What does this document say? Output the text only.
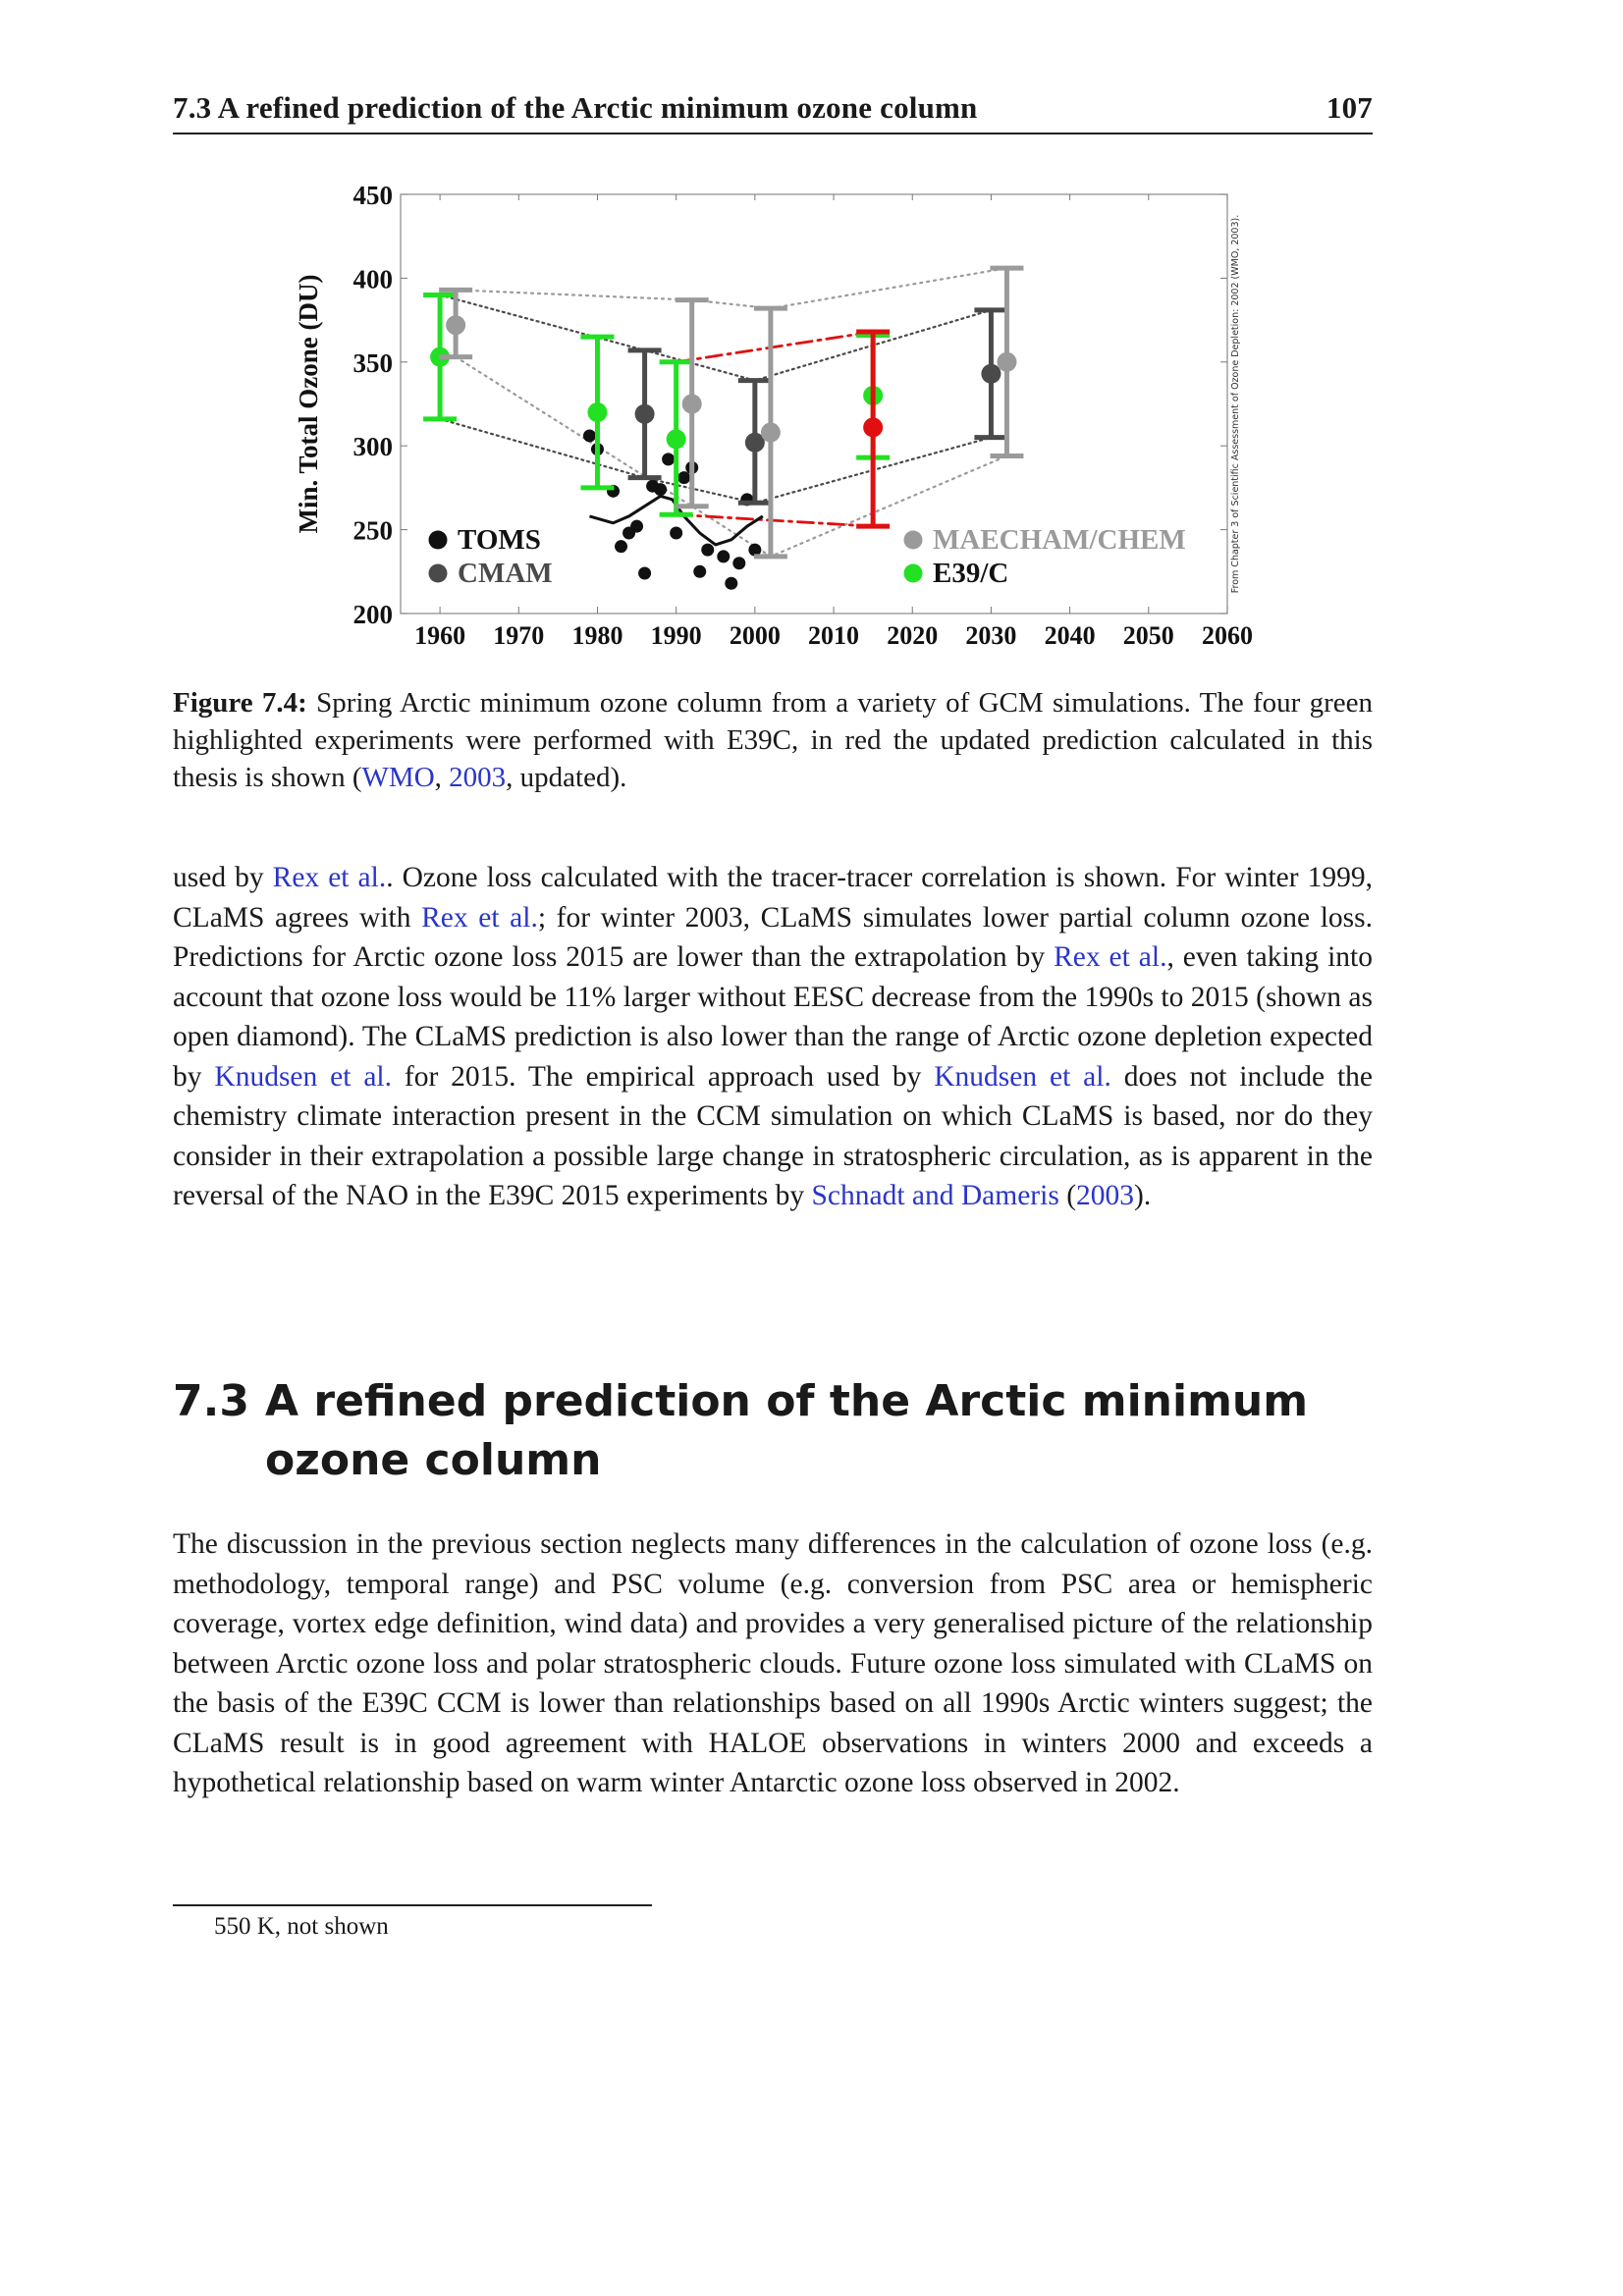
7.3 A refined prediction of the Arctic minimum ozone column	107
1960 1970 1980 1990 2000 2010 2020 2030 2040 2050 2060
200
250
300
350
400
450
Min. Total Ozone (DU)	From Chapter 3 of Scientific Assessment of Ozone Depletion: 2002 (WMO, 2003).
TOMS
CMAM
MAECHAM/CHEM
E39/C
Figure 7.4: Spring Arctic minimum ozone column from a variety of GCM simulations. The four green highlighted experiments were performed with E39C, in red the updated prediction calculated in this thesis is shown (WMO, 2003, updated).
used by Rex et al.. Ozone loss calculated with the tracer-tracer correlation is shown. For winter 1999, CLaMS agrees with Rex et al.; for winter 2003, CLaMS simulates lower partial column ozone loss. Predictions for Arctic ozone loss 2015 are lower than the extrapolation by Rex et al., even taking into account that ozone loss would be 11% larger without EESC decrease from the 1990s to 2015 (shown as open diamond). The CLaMS prediction is also lower than the range of Arctic ozone depletion expected by Knudsen et al. for 2015. The empirical approach used by Knudsen et al. does not include the chemistry climate interaction present in the CCM simulation on which CLaMS is based, nor do they consider in their extrapolation a possible large change in stratospheric circulation, as is apparent in the reversal of the NAO in the E39C 2015 experiments by Schnadt and Dameris (2003).
7.3 A refined prediction of the Arctic minimum ozone column
The discussion in the previous section neglects many differences in the calculation of ozone loss (e.g. methodology, temporal range) and PSC volume (e.g. conversion from PSC area or hemispheric coverage, vortex edge definition, wind data) and provides a very generalised picture of the relationship between Arctic ozone loss and polar stratospheric clouds. Future ozone loss simulated with CLaMS on the basis of the E39C CCM is lower than relationships based on all 1990s Arctic winters suggest; the CLaMS result is in good agreement with HALOE observations in winters 2000 and exceeds a hypothetical relationship based on warm winter Antarctic ozone loss observed in 2002.
550 K, not shown
